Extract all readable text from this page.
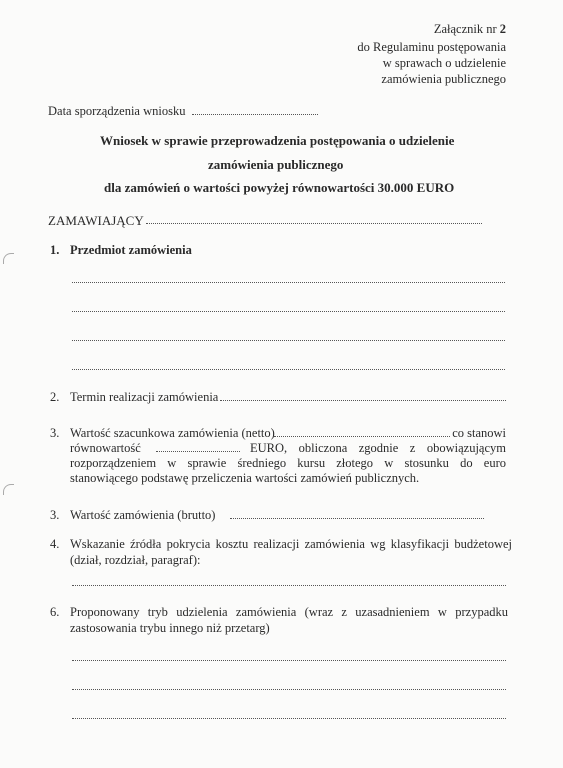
Załącznik nr 2
do Regulaminu postępowania
w sprawach o udzielenie
zamówienia publicznego
Data sporządzenia wniosku
Wniosek w sprawie przeprowadzenia postępowania o udzielenie
zamówienia publicznego
dla zamówień o wartości powyżej równowartości 30.000 EURO
ZAMAWIAJĄCY
1. Przedmiot zamówienia
2. Termin realizacji zamówienia
3. Wartość szacunkowa zamówienia (netto)	co stanowi
równowartość	EURO, obliczona zgodnie z obowiązującym
rozporządzeniem w sprawie średniego kursu złotego w stosunku do euro
stanowiącego podstawę przeliczenia wartości zamówień publicznych.
3. Wartość zamówienia (brutto)
4. Wskazanie źródła pokrycia kosztu realizacji zamówienia wg klasyfikacji budżetowej
(dział, rozdział, paragraf):
6. Proponowany tryb udzielenia zamówienia (wraz z uzasadnieniem w przypadku
zastosowania trybu innego niż przetarg)
